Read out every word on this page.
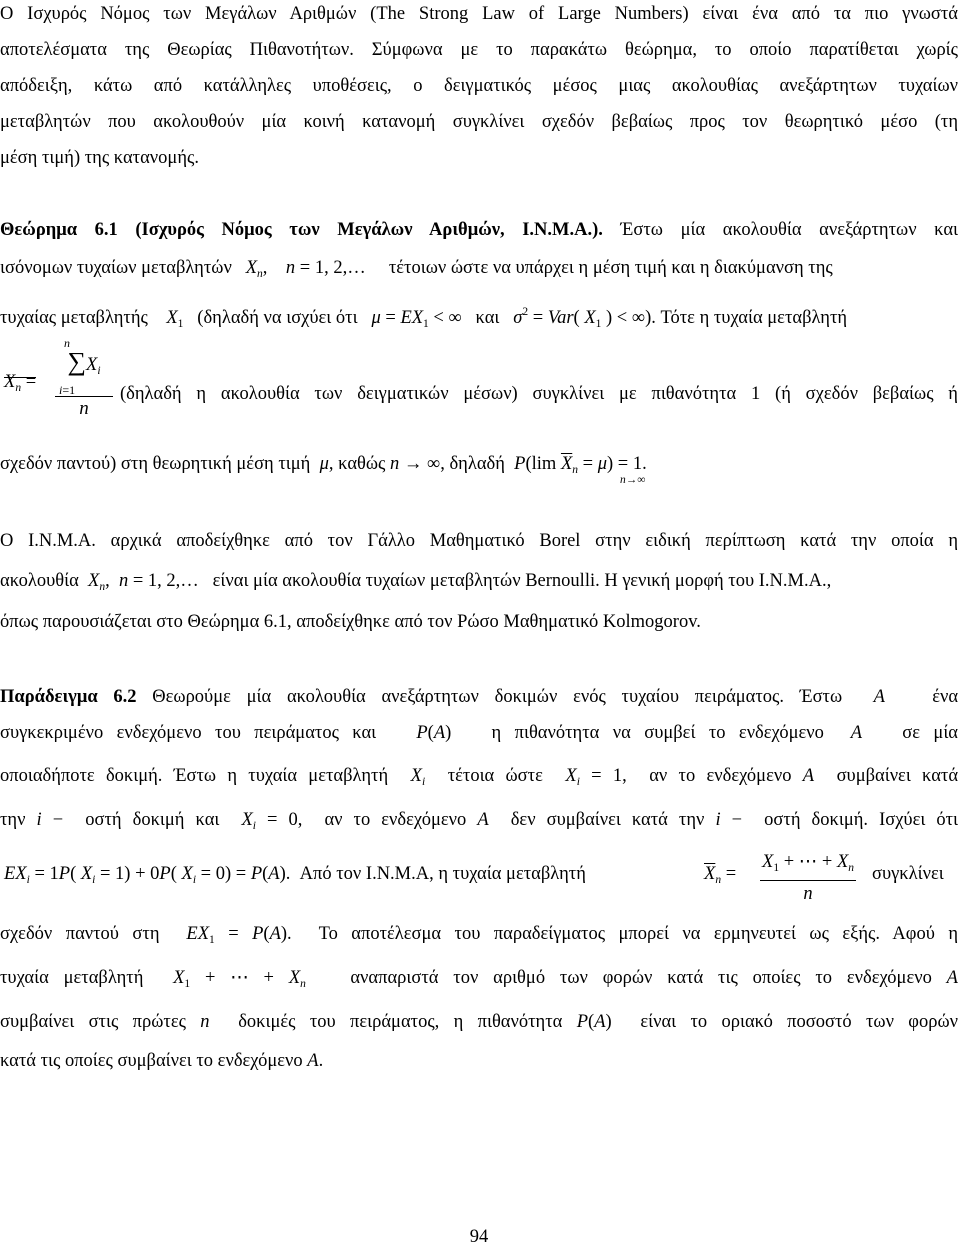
Ο Ισχυρός Νόμος των Μεγάλων Αριθμών (The Strong Law of Large Numbers) είναι ένα από τα πιο γνωστά
αποτελέσματα της Θεωρίας Πιθανοτήτων. Σύμφωνα με το παρακάτω θεώρημα, το οποίο παρατίθεται χωρίς
απόδειξη, κάτω από κατάλληλες υποθέσεις, ο δειγματικός μέσος μιας ακολουθίας ανεξάρτητων τυχαίων
μεταβλητών που ακολουθούν μία κοινή κατανομή συγκλίνει σχεδόν βεβαίως προς τον θεωρητικό μέσο (τη
μέση τιμή) της κατανομής.
Θεώρημα 6.1 (Ισχυρός Νόμος των Μεγάλων Αριθμών, Ι.Ν.Μ.Α.). Έστω μία ακολουθία ανεξάρτητων και
ισόνομων τυχαίων μεταβλητών $X_n$,    n = 1, 2,… τέτοιων ώστε να υπάρχει η μέση τιμή και η διακύμανση της
τυχαίας μεταβλητής $X_1$ (δηλαδή να ισχύει ότι $\mu = EX_1$ < ∞   και $\sigma^2 = Var$( $X_1$ ) < ∞). Τότε η τυχαία μεταβλητή
$X_n$ =
n
$\sum X_i$
i=1
n
(δηλαδή η ακολουθία των δειγματικών μέσων) συγκλίνει με πιθανότητα 1 (ή σχεδόν βεβαίως ή
σχεδόν παντού) στη θεωρητική μέση τιμή μ, καθώς n → ∞, δηλαδή P(lim $\overline{X}_n = \mu) = 1$.
n→∞
Ο Ι.Ν.Μ.Α. αρχικά αποδείχθηκε από τον Γάλλο Μαθηματικό Borel στην ειδική περίπτωση κατά την οποία η
ακολουθία $X_n$,  n = 1, 2,…   είναι μία ακολουθία τυχαίων μεταβλητών Bernoulli. Η γενική μορφή του Ι.Ν.Μ.Α.,
όπως παρουσιάζεται στο Θεώρημα 6.1, αποδείχθηκε από τον Ρώσο Μαθηματικό Kolmogorov.
Παράδειγμα 6.2 Θεωρούμε μία ακολουθία ανεξάρτητων δοκιμών ενός τυχαίου πειράματος. Έστω A	ένα
συγκεκριμένο ενδεχόμενο του πειράματος και P(A)   η πιθανότητα να συμβεί το ενδεχόμενο A σε μία
οποιαδήποτε δοκιμή. Έστω η τυχαία μεταβλητή $X_i$ τέτοια ώστε $X_i = 1$,  αν το ενδεχόμενο A συμβαίνει κατά
την i −  οστή δοκιμή και $X_i = 0$,  αν το ενδεχόμενο A δεν συμβαίνει κατά την i −  οστή δοκιμή. Ισχύει ότι
$EX_i = 1P$( $X_i = 1) + 0P$( $X_i = 0) = P(A)$. Από τον Ι.Ν.Μ.Α, η τυχαία μεταβλητή	$\overline{X}_n$ =
$X_1$ + ⋯ + $X_n$
n
συγκλίνει
σχεδόν παντού στη $EX_1 = P(A)$.  Το αποτέλεσμα του παραδείγματος μπορεί να ερμηνευτεί ως εξής. Αφού η
τυχαία μεταβλητή $X_1$ + ⋯ + $X_n$ αναπαριστά τον αριθμό των φορών κατά τις οποίες το ενδεχόμενο A
συμβαίνει στις πρώτες n δοκιμές του πειράματος, η πιθανότητα P(A)  είναι το οριακό ποσοστό των φορών
κατά τις οποίες συμβαίνει το ενδεχόμενο A.
94
